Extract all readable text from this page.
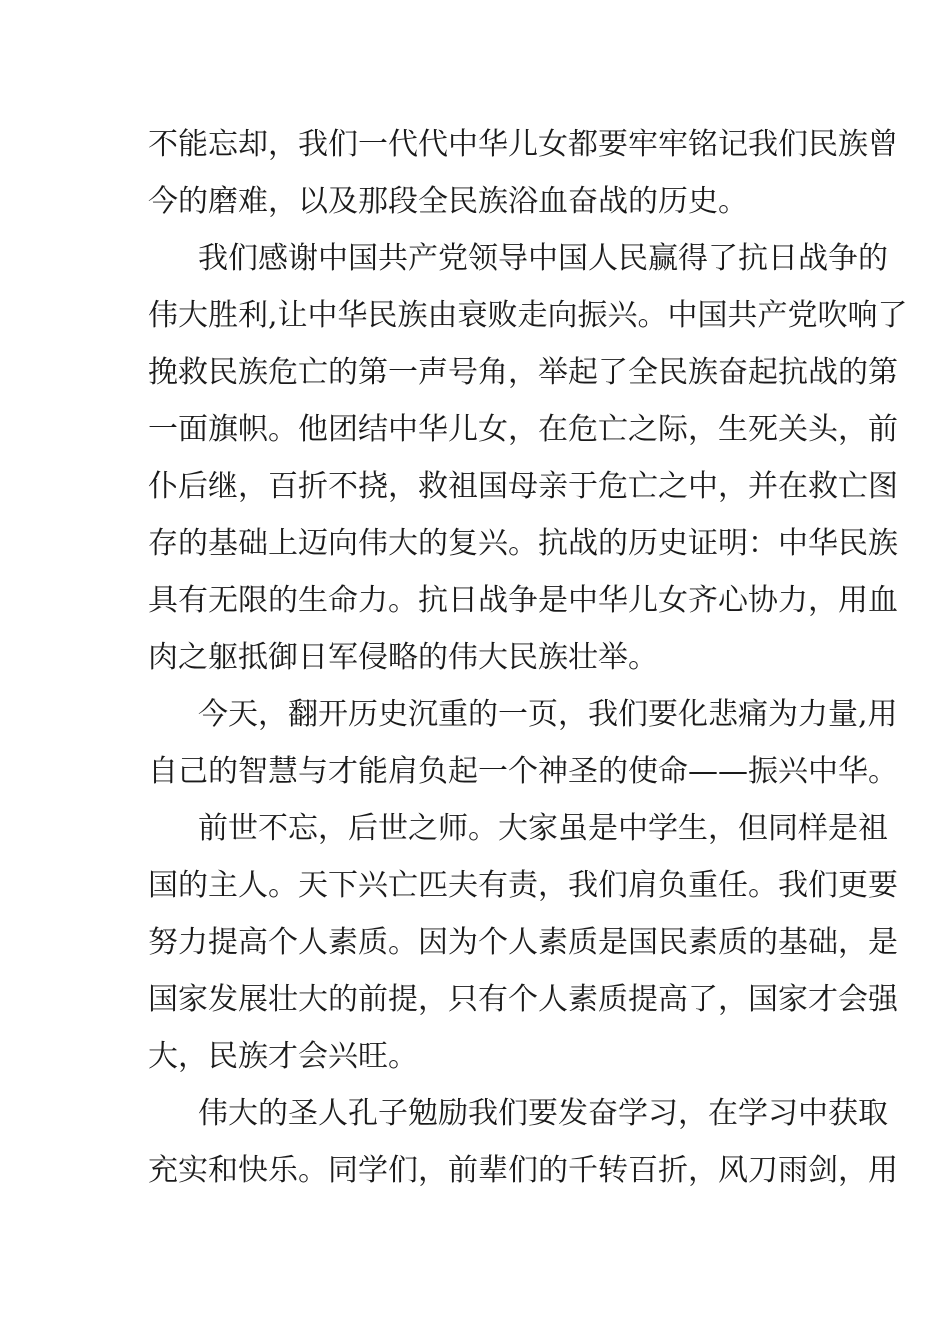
不能忘却，我们一代代中华儿女都要牢牢铭记我们民族曾
今的磨难，以及那段全民族浴血奋战的历史。
我们感谢中国共产党领导中国人民赢得了抗日战争的
伟大胜利,让中华民族由衰败走向振兴。中国共产党吹响了
挽救民族危亡的第一声号角，举起了全民族奋起抗战的第
一面旗帜。他团结中华儿女，在危亡之际，生死关头，前
仆后继，百折不挠，救祖国母亲于危亡之中，并在救亡图
存的基础上迈向伟大的复兴。抗战的历史证明：中华民族
具有无限的生命力。抗日战争是中华儿女齐心协力，用血
肉之躯抵御日军侵略的伟大民族壮举。
今天，翻开历史沉重的一页，我们要化悲痛为力量,用
自己的智慧与才能肩负起一个神圣的使命——振兴中华。
前世不忘，后世之师。大家虽是中学生，但同样是祖
国的主人。天下兴亡匹夫有责，我们肩负重任。我们更要
努力提高个人素质。因为个人素质是国民素质的基础，是
国家发展壮大的前提，只有个人素质提高了，国家才会强
大，民族才会兴旺。
伟大的圣人孔子勉励我们要发奋学习，在学习中获取
充实和快乐。同学们，前辈们的千转百折，风刀雨剑，用
